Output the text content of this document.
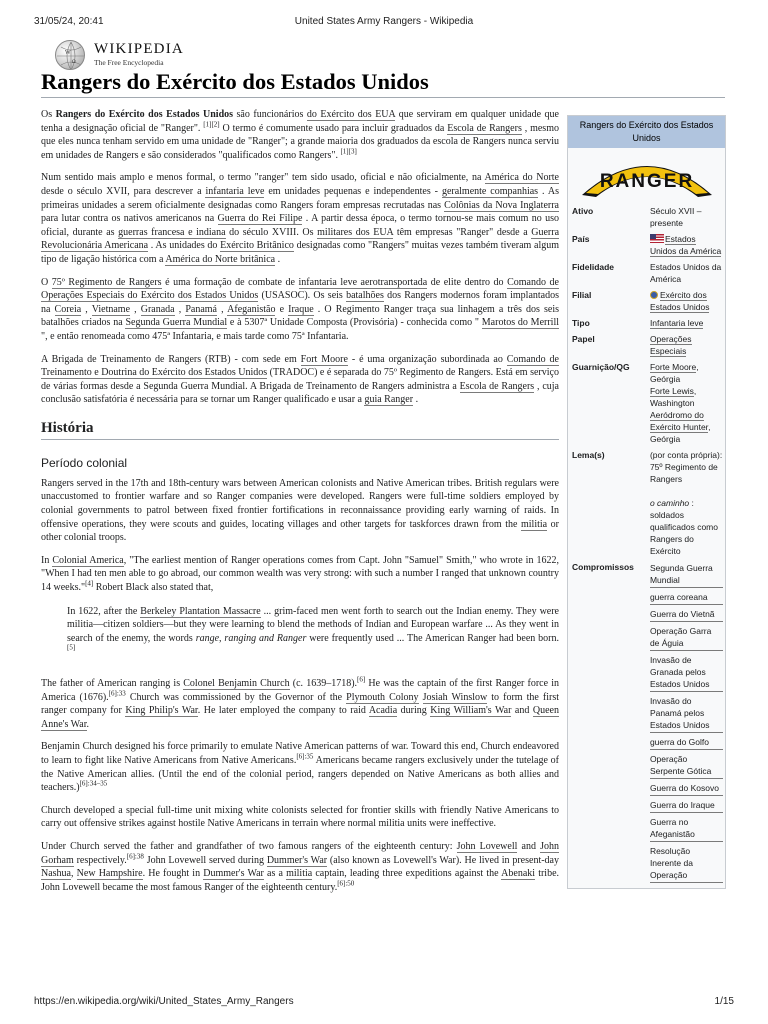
31/05/24, 20:41	United States Army Rangers - Wikipedia
W
Ω
WIKIPEDIA
The Free Encyclopedia
Rangers do Exército dos Estados Unidos

Os Rangers do Exército dos Estados Unidos são funcionários do Exército dos EUA que serviram em qualquer unidade que tenha a designação oficial de "Ranger". [1][2] O termo é comumente usado para incluir graduados da Escola de Rangers , mesmo que eles nunca tenham servido em uma unidade de "Ranger"; a grande maioria dos graduados da escola de Rangers nunca serviu em unidades de Rangers e são considerados "qualificados como Rangers". [1][3]

Num sentido mais amplo e menos formal, o termo "ranger" tem sido usado, oficial e não oficialmente, na América do Norte desde o século XVII, para descrever a infantaria leve em unidades pequenas e independentes - geralmente companhias . As primeiras unidades a serem oficialmente designadas como Rangers foram empresas recrutadas nas Colônias da Nova Inglaterra para lutar contra os nativos americanos na Guerra do Rei Filipe . A partir dessa época, o termo tornou-se mais comum no uso oficial, durante as guerras francesa e indiana do século XVIII. Os militares dos EUA têm empresas "Ranger" desde a Guerra Revolucionária Americana . As unidades do Exército Britânico designadas como "Rangers" muitas vezes também tiveram algum tipo de ligação histórica com a América do Norte britânica .

O 75º Regimento de Rangers é uma formação de combate de infantaria leve aerotransportada de elite dentro do Comando de Operações Especiais do Exército dos Estados Unidos (USASOC). Os seis batalhões dos Rangers modernos foram implantados na Coreia , Vietname , Granada , Panamá , Afeganistão e Iraque . O Regimento Ranger traça sua linhagem a três dos seis batalhões criados na Segunda Guerra Mundial e à 5307ª Unidade Composta (Provisória) - conhecida como " Marotos do Merrill ", e então renomeada como 475ª Infantaria, e mais tarde como 75ª Infantaria.

A Brigada de Treinamento de Rangers (RTB) - com sede em Fort Moore - é uma organização subordinada ao Comando de Treinamento e Doutrina do Exército dos Estados Unidos (TRADOC) e é separada do 75º Regimento de Rangers. Está em serviço de várias formas desde a Segunda Guerra Mundial. A Brigada de Treinamento de Rangers administra a Escola de Rangers , cuja conclusão satisfatória é necessária para se tornar um Ranger qualificado e usar a guia Ranger .

História
Período colonial

Rangers served in the 17th and 18th-century wars between American colonists and Native American tribes. British regulars were unaccustomed to frontier warfare and so Ranger companies were developed. Rangers were full-time soldiers employed by colonial governments to patrol between fixed frontier fortifications in reconnaissance providing early warning of raids. In offensive operations, they were scouts and guides, locating villages and other targets for taskforces drawn from the militia or other colonial troops.

In Colonial America, "The earliest mention of Ranger operations comes from Capt. John "Samuel" Smith," who wrote in 1622, "When I had ten men able to go abroad, our common wealth was very strong: with such a number I ranged that unknown country 14 weeks."[4] Robert Black also stated that,

In 1622, after the Berkeley Plantation Massacre ... grim-faced men went forth to search out the Indian enemy. They were militia—citizen soldiers—but they were learning to blend the methods of Indian and European warfare ... As they went in search of the enemy, the words range, ranging and Ranger were frequently used ... The American Ranger had been born.[5]

The father of American ranging is Colonel Benjamin Church (c. 1639–1718).[6] He was the captain of the first Ranger force in America (1676).$^{[6]:33}$ Church was commissioned by the Governor of the Plymouth Colony Josiah Winslow to form the first ranger company for King Philip's War. He later employed the company to raid Acadia during King William's War and Queen Anne's War.

Benjamin Church designed his force primarily to emulate Native American patterns of war. Toward this end, Church endeavored to learn to fight like Native Americans from Native Americans.$^{[6]:35}$ Americans became rangers exclusively under the tutelage of the Native American allies. (Until the end of the colonial period, rangers depended on Native Americans as both allies and teachers.)$^{[6]:34-35}$

Church developed a special full-time unit mixing white colonists selected for frontier skills with friendly Native Americans to carry out offensive strikes against hostile Native Americans in terrain where normal militia units were ineffective.

Under Church served the father and grandfather of two famous rangers of the eighteenth century: John Lovewell and John Gorham respectively.$^{[6]:38}$ John Lovewell served during Dummer's War (also known as Lovewell's War). He lived in present-day Nashua, New Hampshire. He fought in Dummer's War as a militia captain, leading three expeditions against the Abenaki tribe. John Lovewell became the most famous Ranger of the eighteenth century.$^{[6]:50}$

Rangers do Exército dos Estados Unidos
RANGER
Ativo	Século XVII – presente
País	Estados Unidos da América
Fidelidade	Estados Unidos da América
Filial	Exército dos Estados Unidos
Tipo	Infantaria leve
Papel	Operações Especiais
Guarnição/QG	Forte Moore, Geórgia
Forte Lewis, Washington
Aeródromo do Exército Hunter, Geórgia
Lema(s)	(por conta própria): 75º Regimento de Rangers

o caminho : soldados qualificados como Rangers do Exército
Compromissos	Segunda Guerra Mundial
guerra coreana
Guerra do Vietnã
Operação Garra de Águia
Invasão de Granada pelos Estados Unidos
Invasão do Panamá pelos Estados Unidos
guerra do Golfo
Operação Serpente Gótica
Guerra do Kosovo
Guerra do Iraque
Guerra no Afeganistão
Resolução Inerente da Operação
https://en.wikipedia.org/wiki/United_States_Army_Rangers	1/15
